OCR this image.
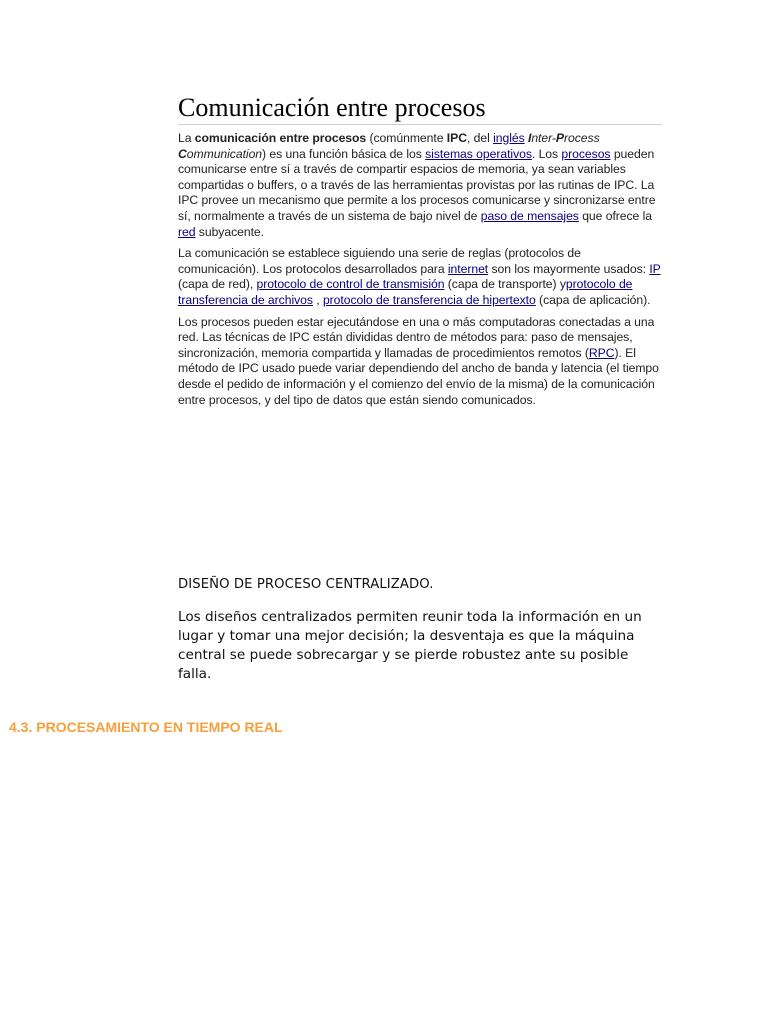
Comunicación entre procesos

La comunicación entre procesos (comúnmente IPC, del inglés Inter-Process Communication) es una función básica de los sistemas operativos. Los procesos pueden comunicarse entre sí a través de compartir espacios de memoria, ya sean variables compartidas o buffers, o a través de las herramientas provistas por las rutinas de IPC. La IPC provee un mecanismo que permite a los procesos comunicarse y sincronizarse entre sí, normalmente a través de un sistema de bajo nivel de paso de mensajes que ofrece la red subyacente.

La comunicación se establece siguiendo una serie de reglas (protocolos de comunicación). Los protocolos desarrollados para internet son los mayormente usados: IP (capa de red), protocolo de control de transmisión (capa de transporte) yprotocolo de transferencia de archivos , protocolo de transferencia de hipertexto (capa de aplicación).

Los procesos pueden estar ejecutándose en una o más computadoras conectadas a una red. Las técnicas de IPC están divididas dentro de métodos para: paso de mensajes, sincronización, memoria compartida y llamadas de procedimientos remotos (RPC). El método de IPC usado puede variar dependiendo del ancho de banda y latencia (el tiempo desde el pedido de información y el comienzo del envío de la misma) de la comunicación entre procesos, y del tipo de datos que están siendo comunicados.

DISEÑO DE PROCESO CENTRALIZADO.
Los diseños centralizados permiten reunir toda la información en un lugar y tomar una mejor decisión; la desventaja es que la máquina central se puede sobrecargar y se pierde robustez ante su posible falla.
4.3. PROCESAMIENTO EN TIEMPO REAL
